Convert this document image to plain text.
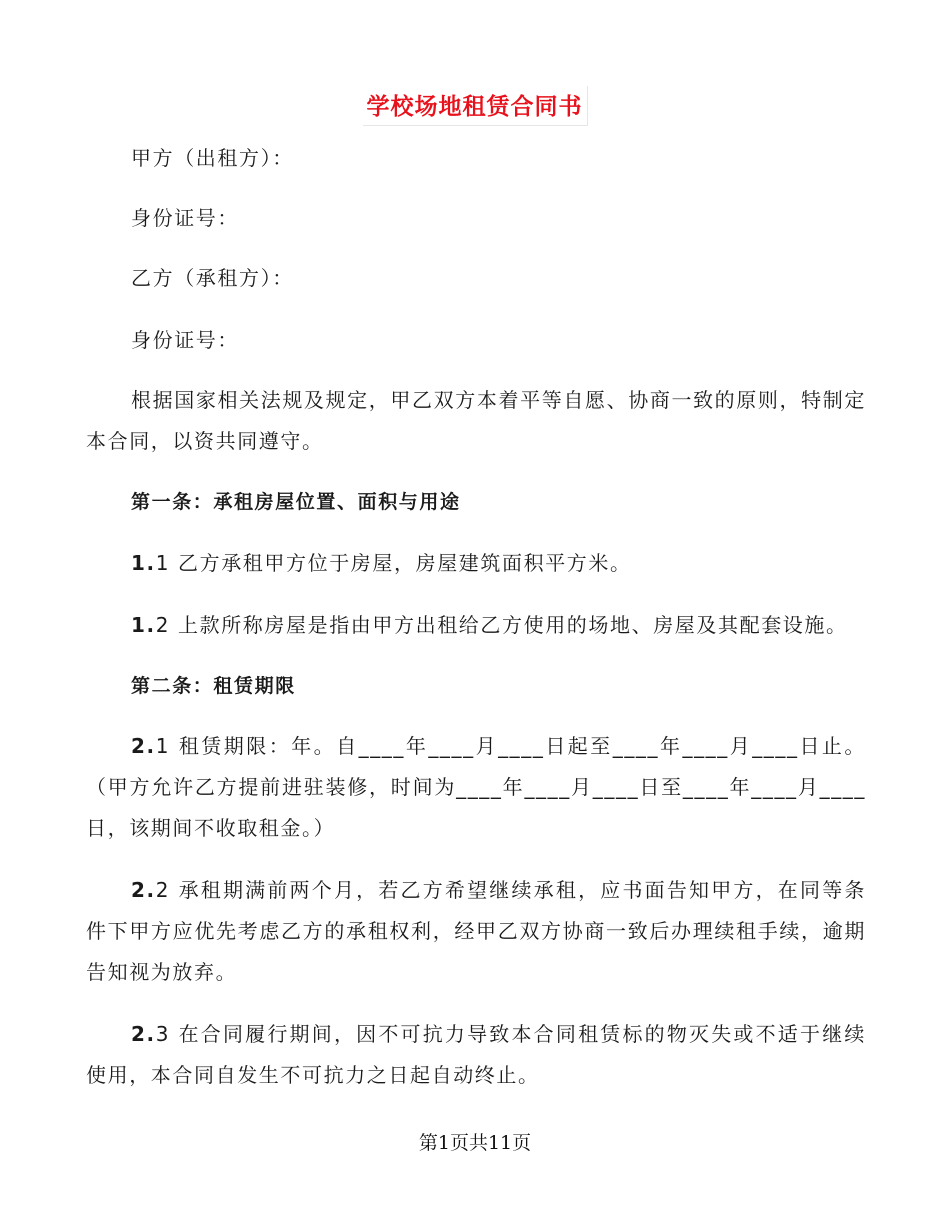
学校场地租赁合同书

甲方（出租方）：

身份证号：

乙方（承租方）：

身份证号：

根据国家相关法规及规定，甲乙双方本着平等自愿、协商一致的原则，特制定本合同，以资共同遵守。

第一条：承租房屋位置、面积与用途

1.1 乙方承租甲方位于房屋，房屋建筑面积平方米。

1.2 上款所称房屋是指由甲方出租给乙方使用的场地、房屋及其配套设施。

第二条：租赁期限

2.1 租赁期限：年。自____年____月____日起至____年____月____日止。（甲方允许乙方提前进驻装修，时间为____年____月____日至____年____月____日，该期间不收取租金。）

2.2 承租期满前两个月，若乙方希望继续承租，应书面告知甲方，在同等条件下甲方应优先考虑乙方的承租权利，经甲乙双方协商一致后办理续租手续，逾期告知视为放弃。

2.3 在合同履行期间，因不可抗力导致本合同租赁标的物灭失或不适于继续使用，本合同自发生不可抗力之日起自动终止。

第1页共11页
